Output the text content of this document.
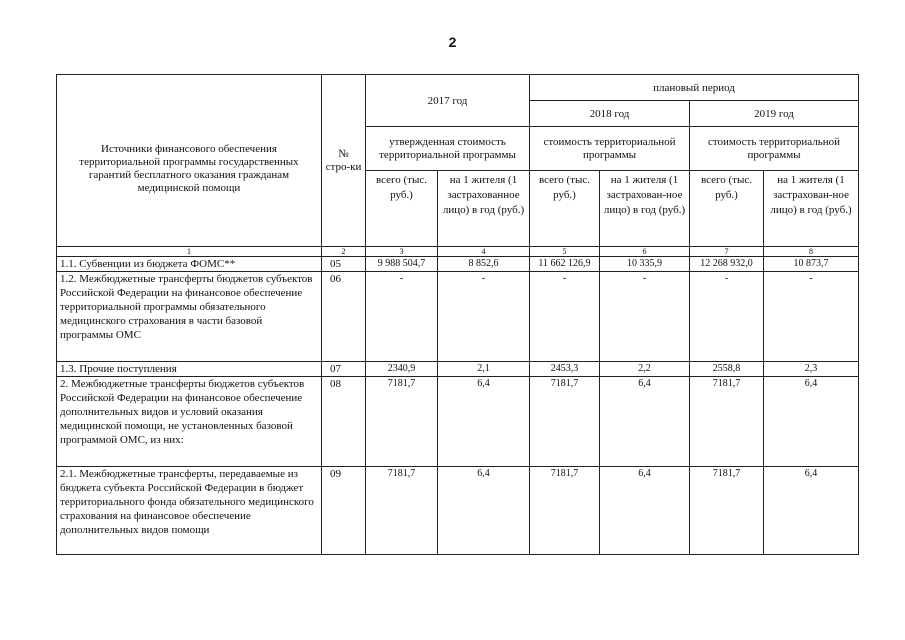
2
Источники финансового обеспечения территориальной программы государственных гарантий бесплатного оказания гражданам медицинской помощи	№ стро-ки	2017 год		плановый период			
				2018 год		2019 год	
		утвержденная стоимость территориальной программы		стоимость территориальной программы		стоимость территориальной программы	
		всего (тыс. руб.)	на 1 жителя (1 застрахованное лицо) в год (руб.)	всего (тыс. руб.)	на 1 жителя (1 застрахован-ное лицо) в год (руб.)	всего (тыс. руб.)	на 1 жителя (1 застрахован-ное лицо) в год (руб.)
1	2	3	4	5	6	7	8
1.1. Субвенции из бюджета ФОМС**	05	9 988 504,7	8 852,6	11 662 126,9	10 335,9	12 268 932,0	10 873,7
1.2. Межбюджетные трансферты бюджетов субъектов Российской Федерации на финансовое обеспечение территориальной программы обязательного медицинского страхования в части базовой программы ОМС	06	-	-	-	-	-	-
1.3. Прочие поступления	07	2340,9	2,1	2453,3	2,2	2558,8	2,3
2. Межбюджетные трансферты бюджетов субъектов Российской Федерации на финансовое обеспечение дополнительных видов и условий оказания медицинской помощи, не установленных базовой программой ОМС, из них:	08	7181,7	6,4	7181,7	6,4	7181,7	6,4
2.1. Межбюджетные трансферты, передаваемые из бюджета субъекта Российской Федерации в бюджет территориального фонда обязательного медицинского страхования на финансовое обеспечение дополнительных видов помощи	09	7181,7	6,4	7181,7	6,4	7181,7	6,4
